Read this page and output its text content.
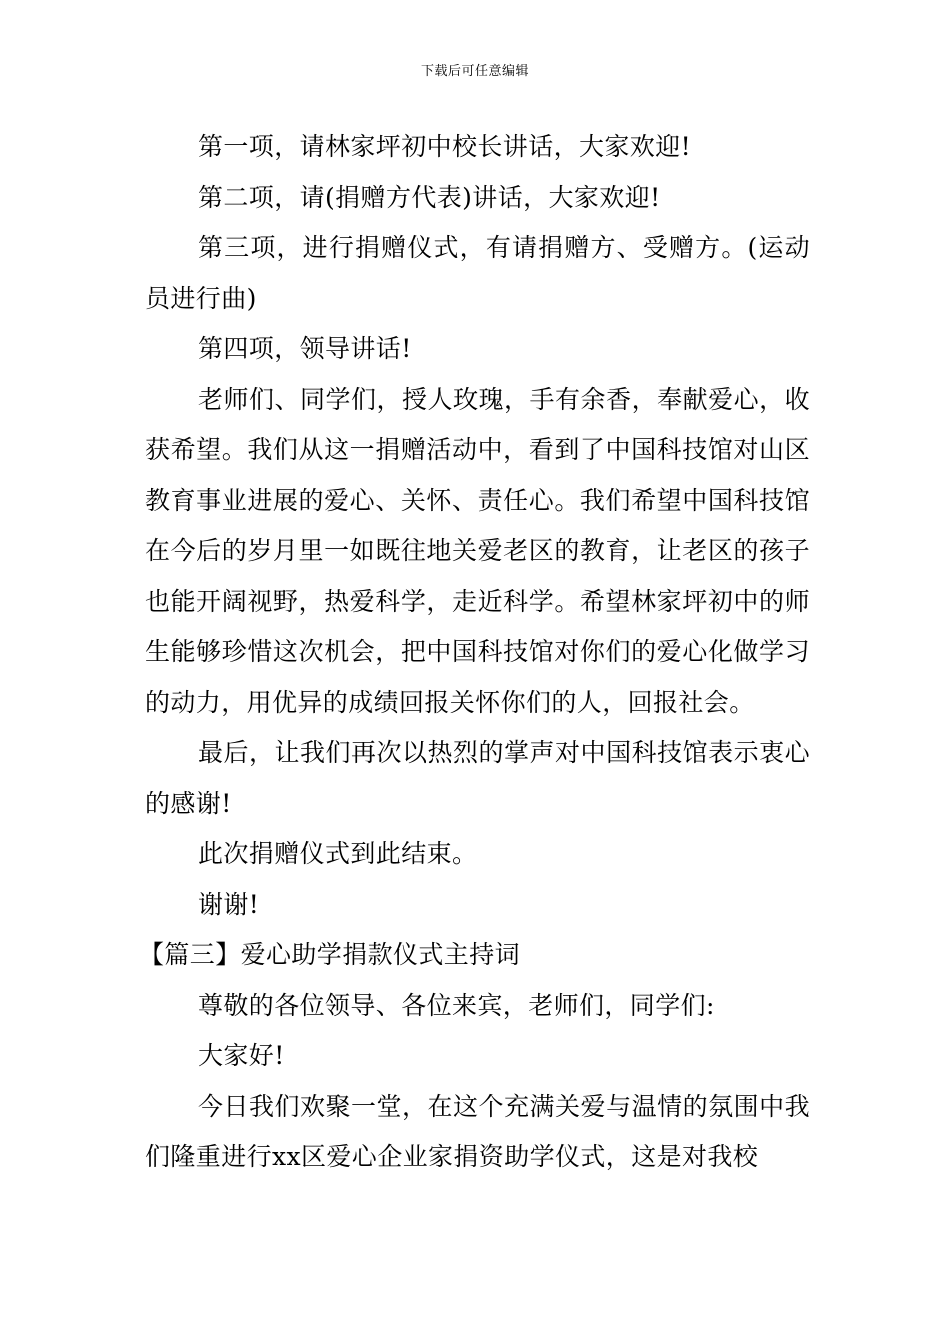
下载后可任意编辑

第一项，请林家坪初中校长讲话，大家欢迎!

第二项，请(捐赠方代表)讲话，大家欢迎!

第三项，进行捐赠仪式，有请捐赠方、受赠方。(运动员进行曲)

第四项，领导讲话!

老师们、同学们，授人玫瑰，手有余香，奉献爱心，收获希望。我们从这一捐赠活动中，看到了中国科技馆对山区教育事业进展的爱心、关怀、责任心。我们希望中国科技馆在今后的岁月里一如既往地关爱老区的教育，让老区的孩子也能开阔视野，热爱科学，走近科学。希望林家坪初中的师生能够珍惜这次机会，把中国科技馆对你们的爱心化做学习的动力，用优异的成绩回报关怀你们的人，回报社会。

最后，让我们再次以热烈的掌声对中国科技馆表示衷心的感谢!

此次捐赠仪式到此结束。

谢谢!

【篇三】爱心助学捐款仪式主持词

尊敬的各位领导、各位来宾，老师们，同学们:

大家好!

今日我们欢聚一堂，在这个充满关爱与温情的氛围中我们隆重进行xx区爱心企业家捐资助学仪式，这是对我校
